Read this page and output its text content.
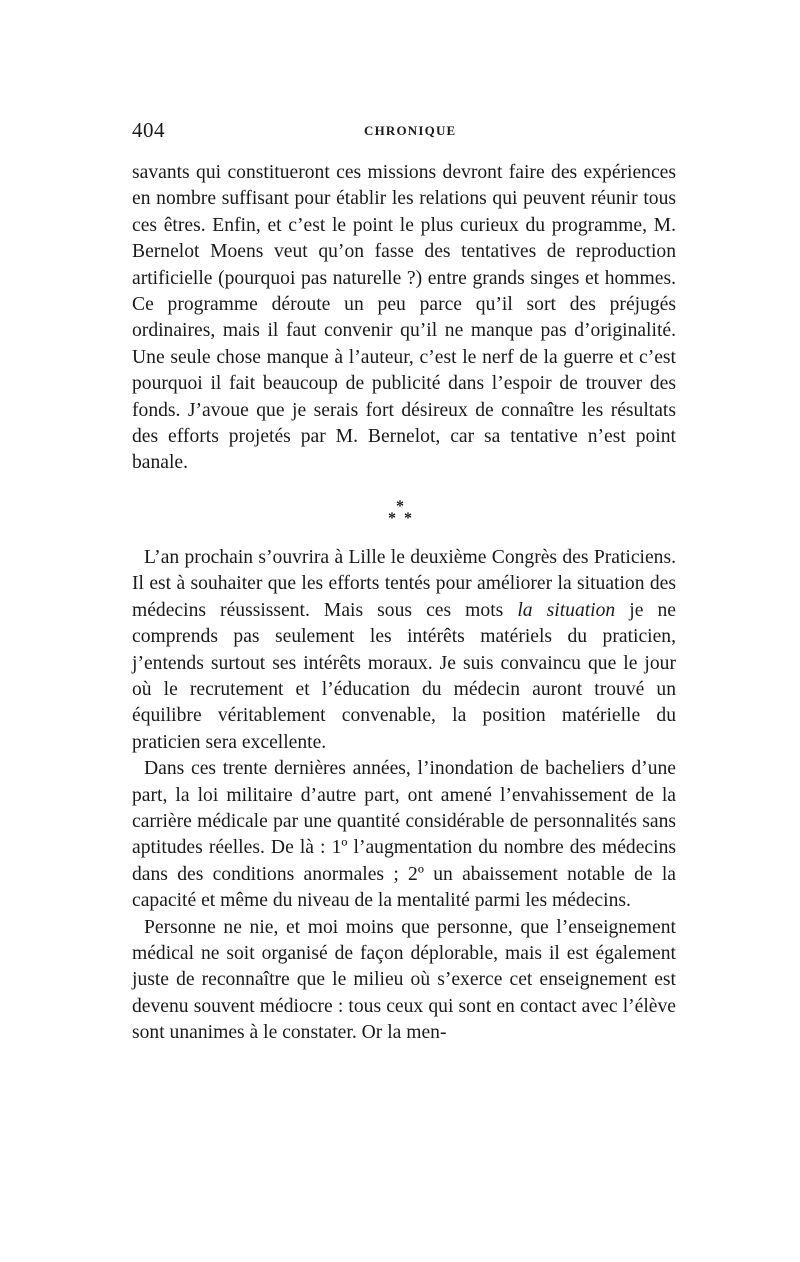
404	CHRONIQUE

savants qui constitueront ces missions devront faire des expériences en nombre suffisant pour établir les relations qui peuvent réunir tous ces êtres. Enfin, et c’est le point le plus curieux du programme, M. Bernelot Moens veut qu’on fasse des tentatives de reproduction artificielle (pourquoi pas naturelle ?) entre grands singes et hommes. Ce programme déroute un peu parce qu’il sort des préjugés ordinaires, mais il faut convenir qu’il ne manque pas d’originalité. Une seule chose manque à l’auteur, c’est le nerf de la guerre et c’est pourquoi il fait beaucoup de publicité dans l’espoir de trouver des fonds. J’avoue que je serais fort désireux de connaître les résultats des efforts projetés par M. Bernelot, car sa tentative n’est point banale.

*
* *

L’an prochain s’ouvrira à Lille le deuxième Congrès des Praticiens. Il est à souhaiter que les efforts tentés pour améliorer la situation des médecins réussissent. Mais sous ces mots la situation je ne comprends pas seulement les intérêts matériels du praticien, j’entends surtout ses intérêts moraux. Je suis convaincu que le jour où le recrutement et l’éducation du médecin auront trouvé un équilibre véritablement convenable, la position matérielle du praticien sera excellente.

Dans ces trente dernières années, l’inondation de bacheliers d’une part, la loi militaire d’autre part, ont amené l’envahissement de la carrière médicale par une quantité considérable de personnalités sans aptitudes réelles. De là : 1º l’augmentation du nombre des médecins dans des conditions anormales ; 2º un abaissement notable de la capacité et même du niveau de la mentalité parmi les médecins.

Personne ne nie, et moi moins que personne, que l’enseignement médical ne soit organisé de façon déplorable, mais il est également juste de reconnaître que le milieu où s’exerce cet enseignement est devenu souvent médiocre : tous ceux qui sont en contact avec l’élève sont unanimes à le constater. Or la men-
